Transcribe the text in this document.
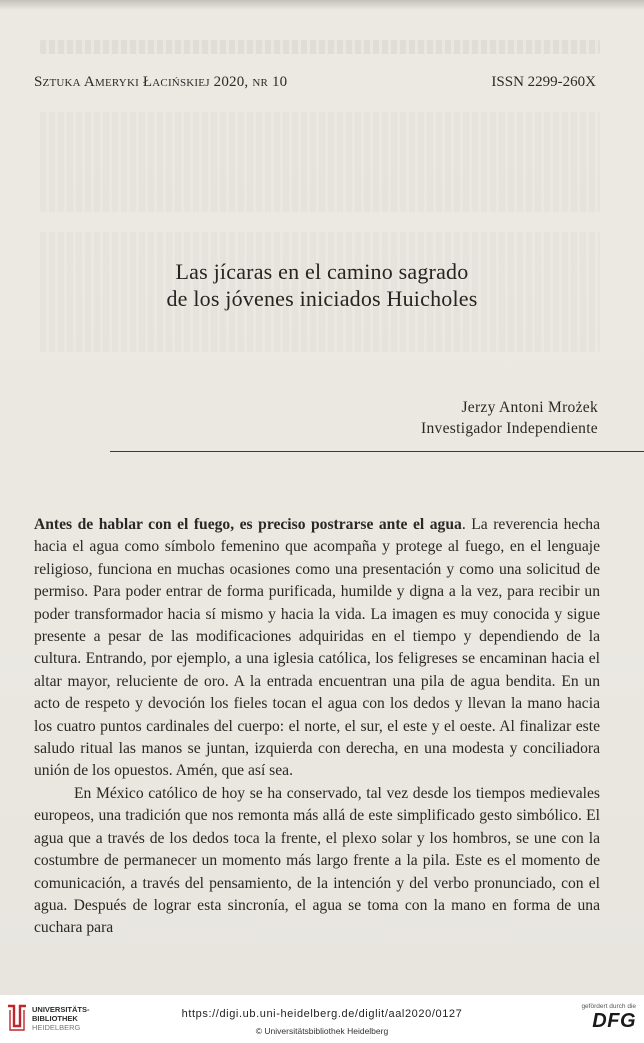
Sztuka Ameryki Łacińskiej 2020, nr 10	ISSN 2299-260X
Las jícaras en el camino sagrado
de los jóvenes iniciados Huicholes
Jerzy Antoni Mrożek
Investigador Independiente

Antes de hablar con el fuego, es preciso postrarse ante el agua. La reverencia hecha hacia el agua como símbolo femenino que acompaña y protege al fuego, en el lenguaje religioso, funciona en muchas ocasiones como una presentación y como una solicitud de permiso. Para poder entrar de forma purificada, humilde y digna a la vez, para recibir un poder transformador hacia sí mismo y hacia la vida. La imagen es muy conocida y sigue presente a pesar de las modificaciones adquiridas en el tiempo y dependiendo de la cultura. Entrando, por ejemplo, a una iglesia católica, los feligreses se encaminan hacia el altar mayor, reluciente de oro. A la entrada encuentran una pila de agua bendita. En un acto de respeto y devoción los fieles tocan el agua con los dedos y llevan la mano hacia los cuatro puntos cardinales del cuerpo: el norte, el sur, el este y el oeste. Al finalizar este saludo ritual las manos se juntan, izquierda con derecha, en una modesta y conciliadora unión de los opuestos. Amén, que así sea.

En México católico de hoy se ha conservado, tal vez desde los tiempos medievales europeos, una tradición que nos remonta más allá de este simplificado gesto simbólico. El agua que a través de los dedos toca la frente, el plexo solar y los hombros, se une con la costumbre de permanecer un momento más largo frente a la pila. Este es el momento de comunicación, a través del pensamiento, de la intención y del verbo pronunciado, con el agua. Después de lograr esta sincronía, el agua se toma con la mano en forma de una cuchara para

UNIVERSITÄTS-
BIBLIOTHEK
HEIDELBERG
https://digi.ub.uni-heidelberg.de/diglit/aal2020/0127
© Universitätsbibliothek Heidelberg
gefördert durch die
DFG
